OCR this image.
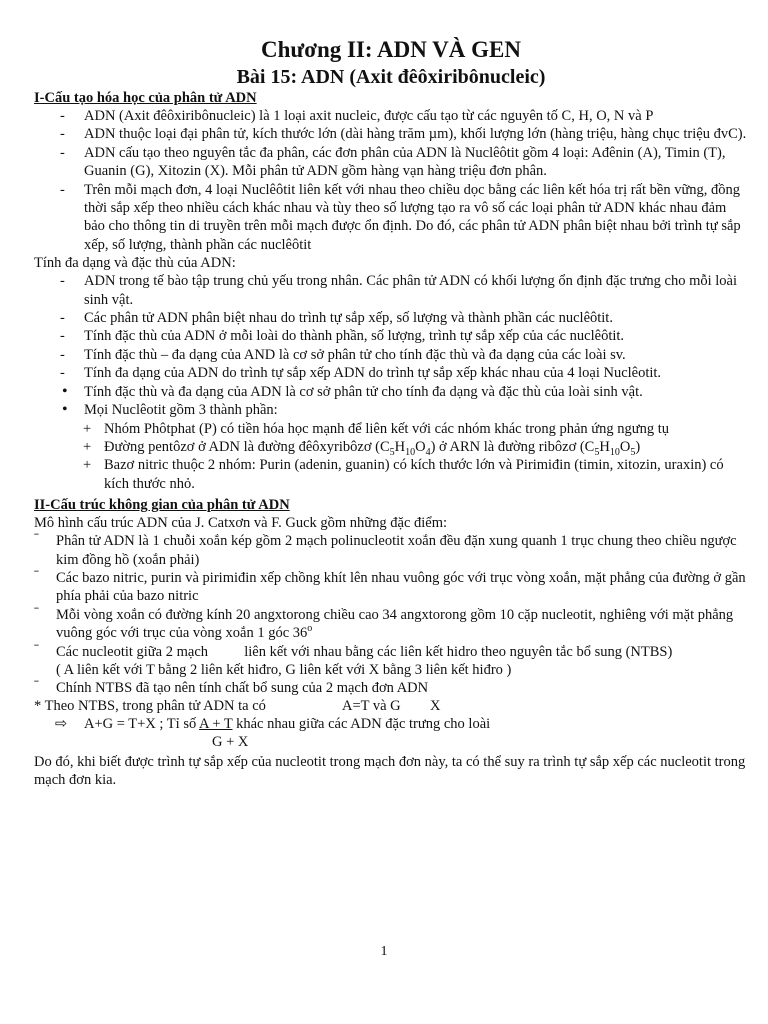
Chương II: ADN VÀ GEN
Bài 15: ADN (Axit đêôxiribônucleic)
I-Cấu tạo hóa học của phân tử ADN
- ADN (Axit đêôxiribônucleic) là 1 loại axit nucleic, được cấu tạo từ các nguyên tố C, H, O, N và P
- ADN thuộc loại đại phân tử, kích thước lớn (dài hàng trăm µm), khối lượng lớn (hàng triệu, hàng chục triệu đvC).
- ADN cấu tạo theo nguyên tắc đa phân, các đơn phân của ADN là Nuclêôtit gồm 4 loại: Ađênin (A), Timin (T), Guanin (G), Xitozin (X). Mỗi phân tử ADN gồm hàng vạn hàng triệu đơn phân.
- Trên mỗi mạch đơn, 4 loại Nuclêôtit liên kết với nhau theo chiều dọc bằng các liên kết hóa trị rất bền vững, đồng thời sắp xếp theo nhiều cách khác nhau và tùy theo số lượng tạo ra vô số các loại phân tử ADN khác nhau đảm bảo cho thông tin di truyền trên mỗi mạch được ổn định. Do đó, các phân tử ADN phân biệt nhau bởi trình tự sắp xếp, số lượng, thành phần các nuclêôtit
Tính đa dạng và đặc thù của ADN:
- ADN trong tế bào tập trung chủ yếu trong nhân. Các phân tử ADN có khối lượng ổn định đặc trưng cho mỗi loài sinh vật.
- Các phân tử ADN phân biệt nhau do trình tự sắp xếp, số lượng và thành phần các nuclêôtit.
- Tính đặc thù của ADN ở mỗi loài do thành phần, số lượng, trình tự sắp xếp của các nuclêôtit.
- Tính đặc thù – đa dạng của AND là cơ sở phân tử cho tính đặc thù và đa dạng của các loài sv.
- Tính đa dạng của ADN do trình tự sắp xếp ADN do trình tự sắp xếp khác nhau của 4 loại Nuclêotit.
• Tính đặc thù và đa dạng của ADN là cơ sở phân tử cho tính đa dạng và đặc thù của loài sinh vật.
• Mọi Nuclêotit gồm 3 thành phần:
+ Nhóm Phôtphat (P) có tiền hóa học mạnh để liên kết với các nhóm khác trong phản ứng ngưng tụ
+ Đường pentôzơ ở ADN là đường đêôxyribôzơ $(C_5H_{10}O_4)$ ở ARN là đường ribôzơ $(C_5H_{10}O_5)$
+ Bazơ nitric thuộc 2 nhóm: Purin (adenin, guanin) có kích thước lớn và Pirimiđin (timin, xitozin, uraxin) có kích thước nhỏ.
II-Cấu trúc không gian của phân tử ADN
Mô hình cấu trúc ADN của J. Catxơn và F. Guck gồm những đặc điểm:
ˉ Phân tử ADN là 1 chuỗi xoắn kép gồm 2 mạch polinucleotit xoắn đều đặn xung quanh 1 trục chung theo chiều ngược kim đồng hồ (xoắn phải)
ˉ Các bazo nitric, purin và pirimiđin xếp chồng khít lên nhau vuông góc với trục vòng xoắn, mặt phẳng của đường ở gần phía phải của bazo nitric
ˉ Mỗi vòng xoắn có đường kính 20 angxtorong chiều cao 34 angxtorong gồm 10 cặp nucleotit, nghiêng với mặt phẳng vuông góc với trục của vòng xoắn 1 góc 36$^o$
ˉ Các nucleotit giữa 2 mạch          liên kết với nhau bằng các liên kết hidro theo nguyên tắc bổ sung (NTBS)
( A liên kết với T bằng 2 liên kết hiđro, G liên kết với X bằng 3 liên kết hiđro )
ˉ Chính NTBS đã tạo nên tính chất bổ sung của 2 mạch đơn ADN
* Theo NTBS, trong phân tử ADN ta có	A=T và G X
⇨ A+G = T+X ; Tỉ số A + T khác nhau giữa các ADN đặc trưng cho loài
G + X
Do đó, khi biết được trình tự sắp xếp của nucleotit trong mạch đơn này, ta có thể suy ra trình tự sắp xếp các nucleotit trong mạch đơn kia.
1
